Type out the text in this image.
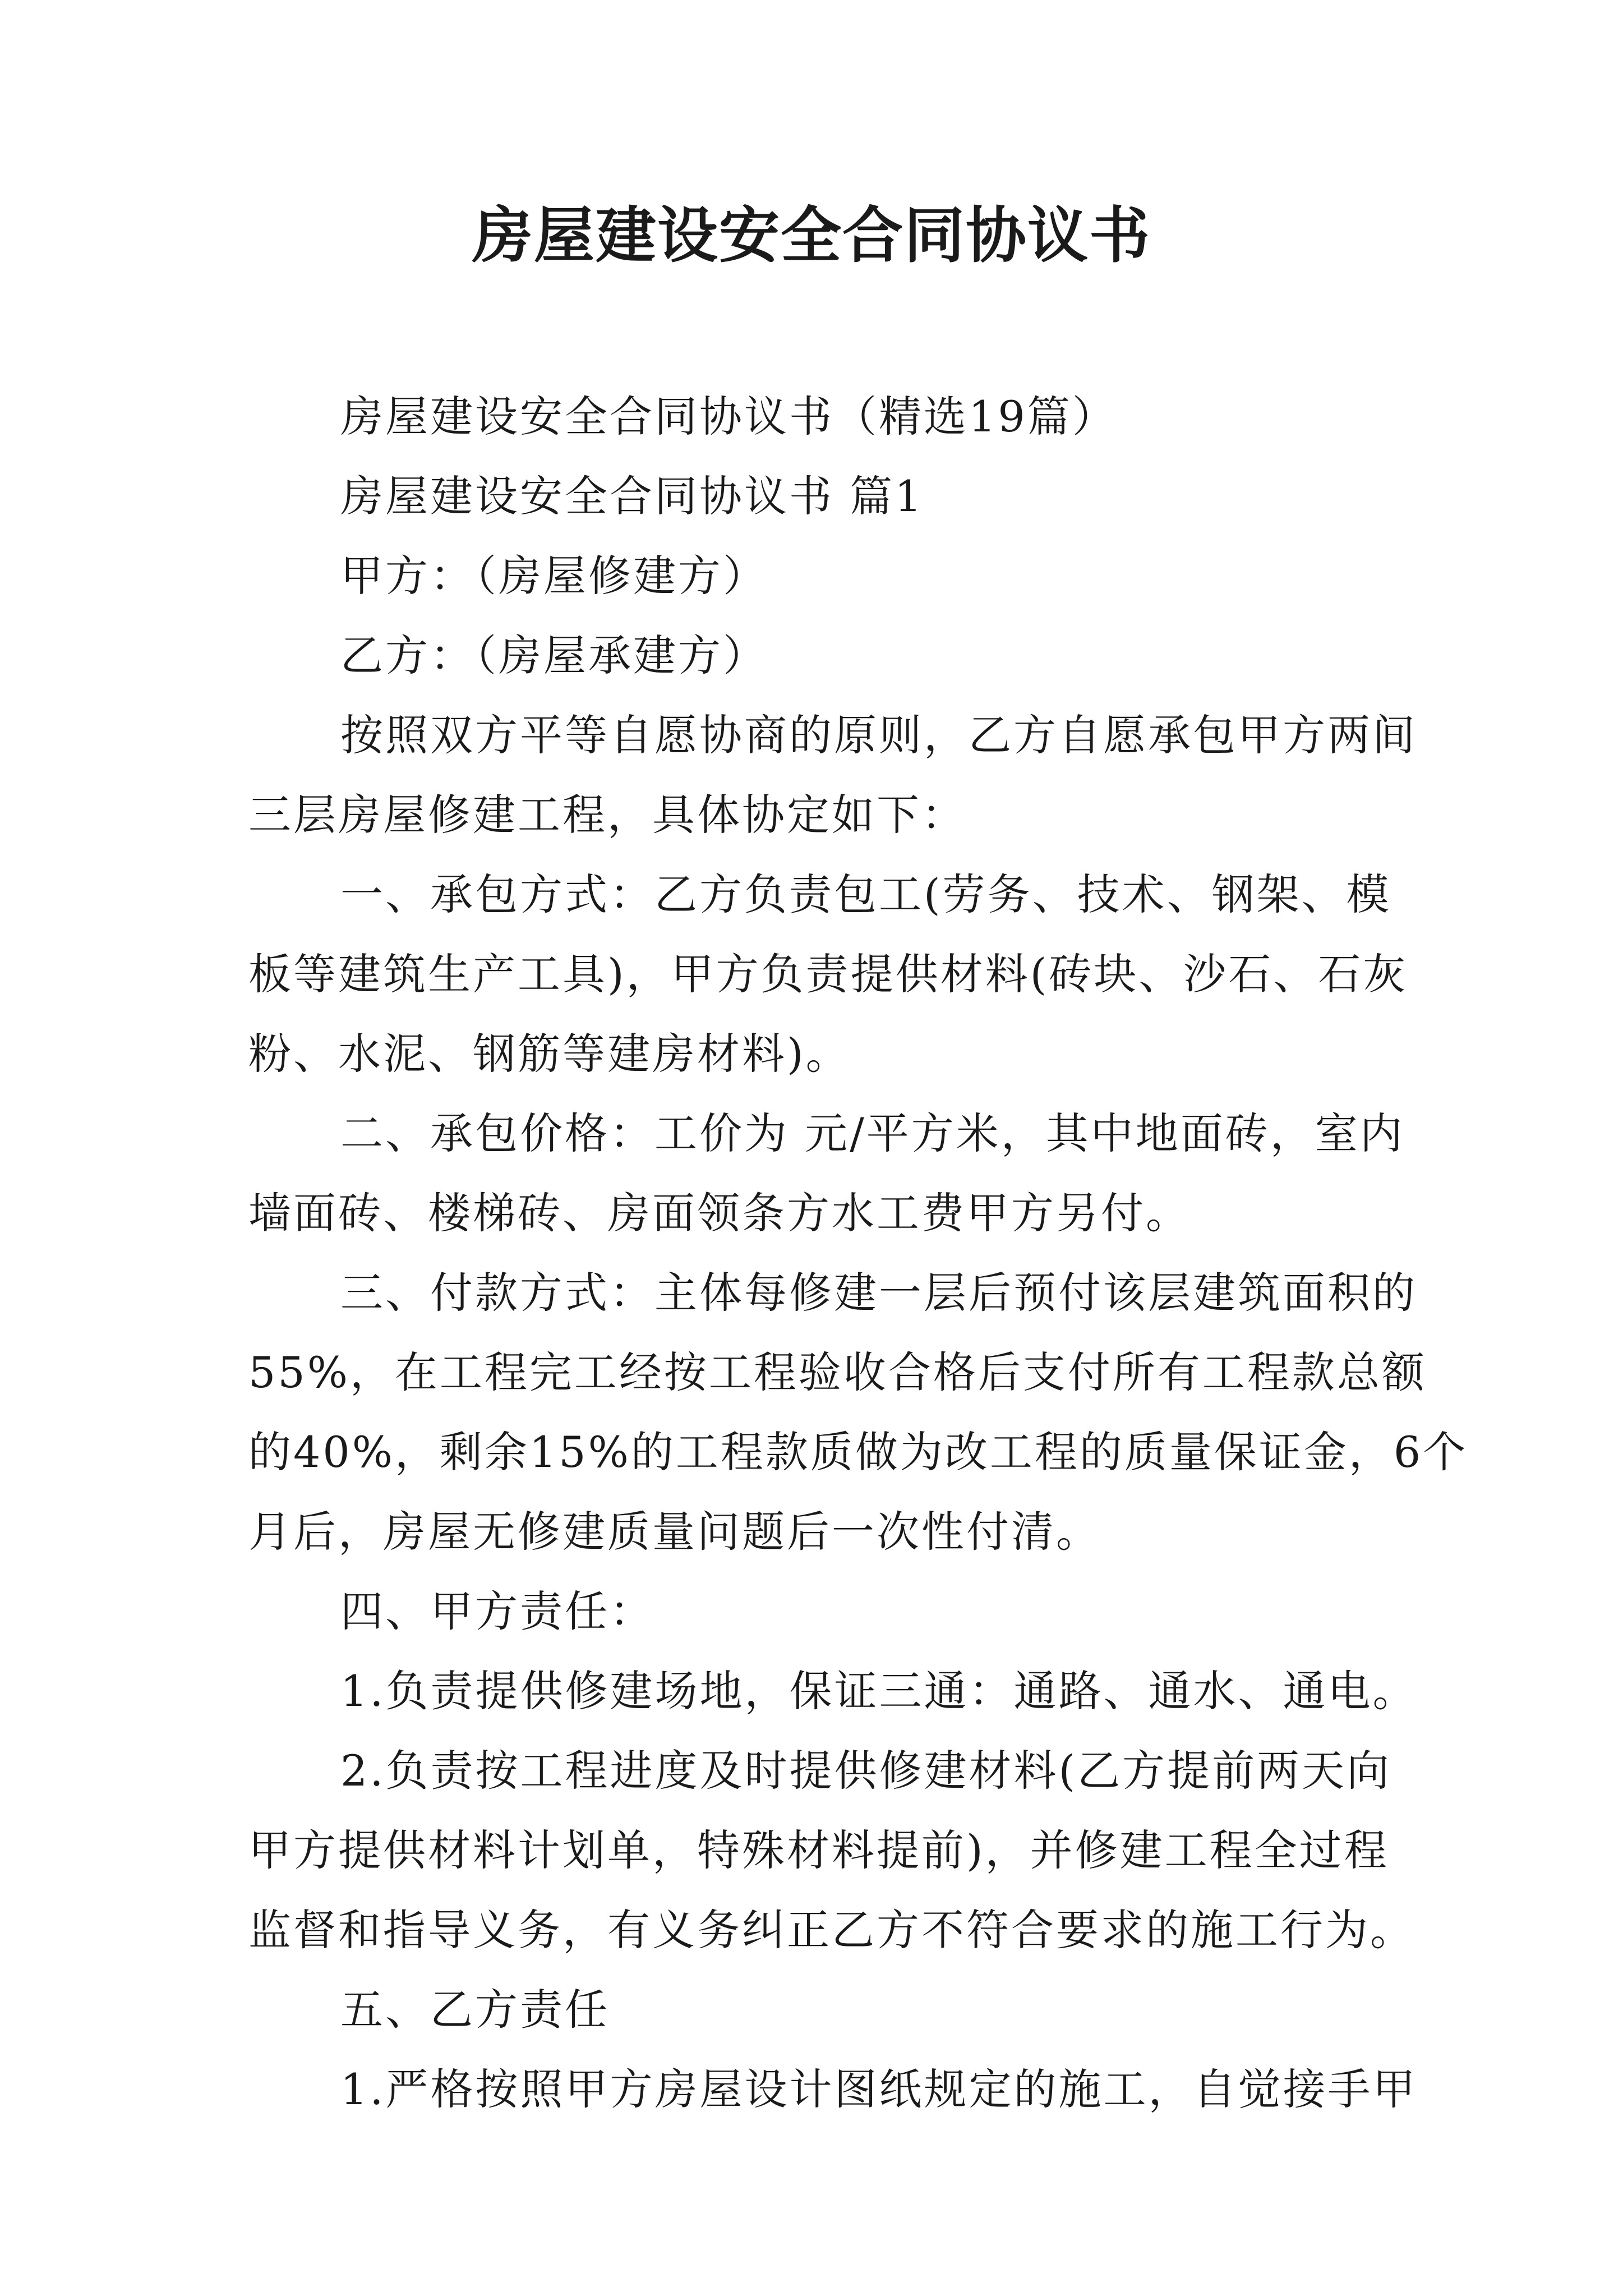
房屋建设安全合同协议书
房屋建设安全合同协议书（精选19篇）
房屋建设安全合同协议书 篇1
甲方：（房屋修建方）
乙方：（房屋承建方）
按照双方平等自愿协商的原则，乙方自愿承包甲方两间
三层房屋修建工程，具体协定如下：
一、承包方式：乙方负责包工(劳务、技术、钢架、模
板等建筑生产工具)，甲方负责提供材料(砖块、沙石、石灰
粉、水泥、钢筋等建房材料)。
二、承包价格：工价为 元/平方米，其中地面砖，室内
墙面砖、楼梯砖、房面领条方水工费甲方另付。
三、付款方式：主体每修建一层后预付该层建筑面积的
55%，在工程完工经按工程验收合格后支付所有工程款总额
的40%，剩余15%的工程款质做为改工程的质量保证金，6个
月后，房屋无修建质量问题后一次性付清。
四、甲方责任：
1.负责提供修建场地，保证三通：通路、通水、通电。
2.负责按工程进度及时提供修建材料(乙方提前两天向
甲方提供材料计划单，特殊材料提前)，并修建工程全过程
监督和指导义务，有义务纠正乙方不符合要求的施工行为。
五、乙方责任
1.严格按照甲方房屋设计图纸规定的施工，自觉接手甲
